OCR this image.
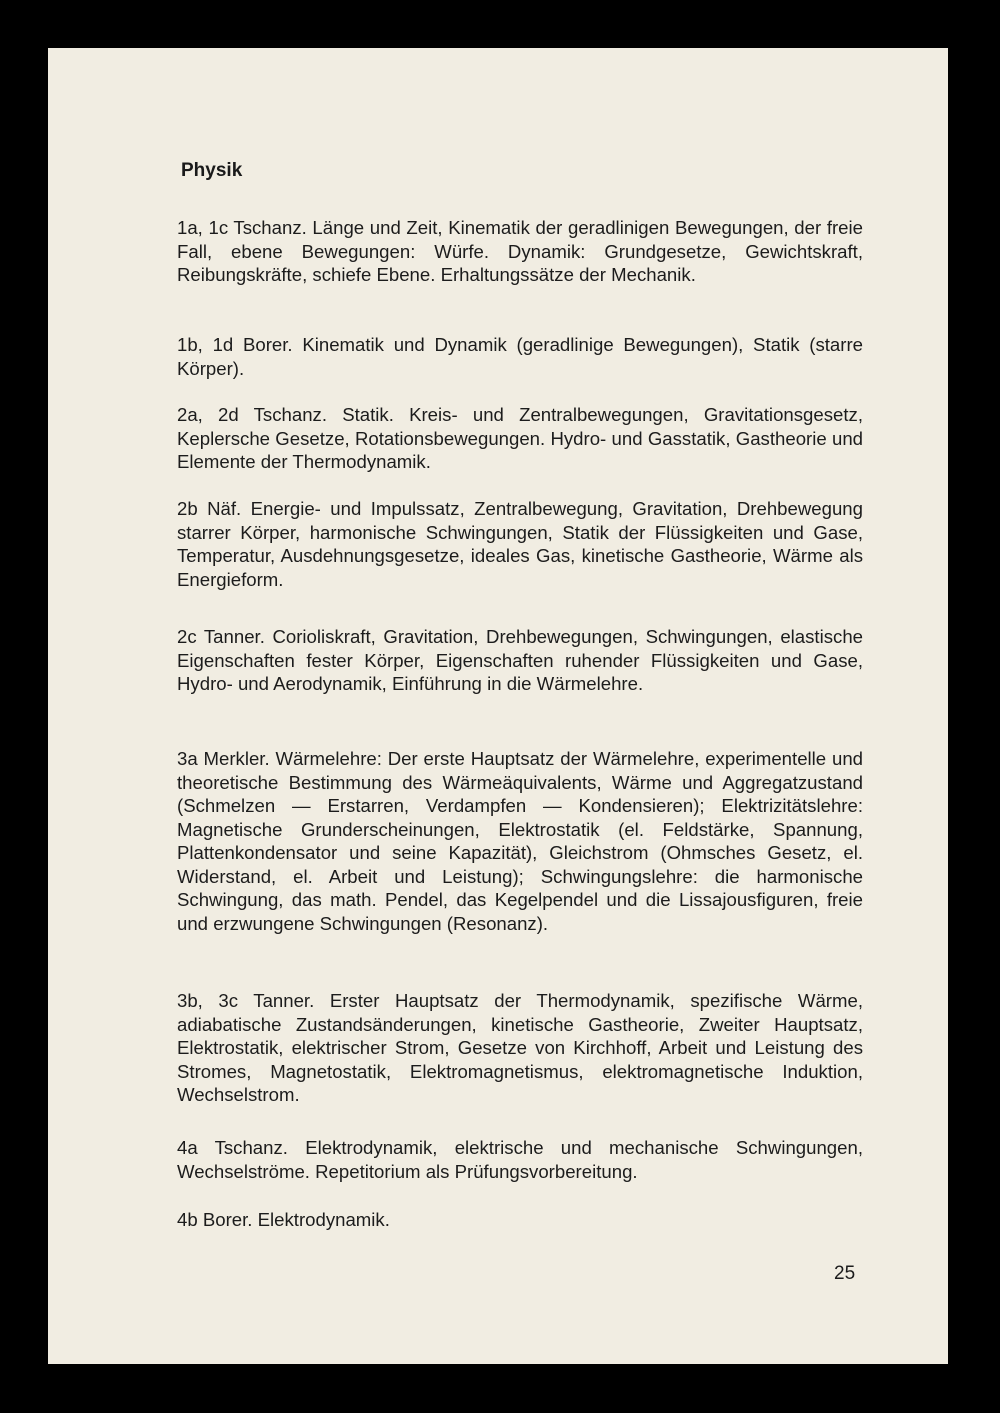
Physik

1a, 1c Tschanz. Länge und Zeit, Kinematik der geradlinigen Bewegungen, der freie Fall, ebene Bewegungen: Würfe. Dynamik: Grundgesetze, Gewichtskraft, Reibungskräfte, schiefe Ebene. Erhaltungssätze der Mechanik.

1b, 1d Borer. Kinematik und Dynamik (geradlinige Bewegungen), Statik (starre Körper).

2a, 2d Tschanz. Statik. Kreis- und Zentralbewegungen, Gravitationsgesetz, Keplersche Gesetze, Rotationsbewegungen. Hydro- und Gasstatik, Gastheorie und Elemente der Thermodynamik.

2b Näf. Energie- und Impulssatz, Zentralbewegung, Gravitation, Drehbewegung starrer Körper, harmonische Schwingungen, Statik der Flüssigkeiten und Gase, Temperatur, Ausdehnungsgesetze, ideales Gas, kinetische Gastheorie, Wärme als Energieform.

2c Tanner. Corioliskraft, Gravitation, Drehbewegungen, Schwingungen, elastische Eigenschaften fester Körper, Eigenschaften ruhender Flüssigkeiten und Gase, Hydro- und Aerodynamik, Einführung in die Wärmelehre.

3a Merkler. Wärmelehre: Der erste Hauptsatz der Wärmelehre, experimentelle und theoretische Bestimmung des Wärmeäquivalents, Wärme und Aggregatzustand (Schmelzen — Erstarren, Verdampfen — Kondensieren); Elektrizitätslehre: Magnetische Grunderscheinungen, Elektrostatik (el. Feldstärke, Spannung, Plattenkondensator und seine Kapazität), Gleichstrom (Ohmsches Gesetz, el. Widerstand, el. Arbeit und Leistung); Schwingungslehre: die harmonische Schwingung, das math. Pendel, das Kegelpendel und die Lissajousfiguren, freie und erzwungene Schwingungen (Resonanz).

3b, 3c Tanner. Erster Hauptsatz der Thermodynamik, spezifische Wärme, adiabatische Zustandsänderungen, kinetische Gastheorie, Zweiter Hauptsatz, Elektrostatik, elektrischer Strom, Gesetze von Kirchhoff, Arbeit und Leistung des Stromes, Magnetostatik, Elektromagnetismus, elektromagnetische Induktion, Wechselstrom.

4a Tschanz. Elektrodynamik, elektrische und mechanische Schwingungen, Wechselströme. Repetitorium als Prüfungsvorbereitung.

4b Borer. Elektrodynamik.

25
